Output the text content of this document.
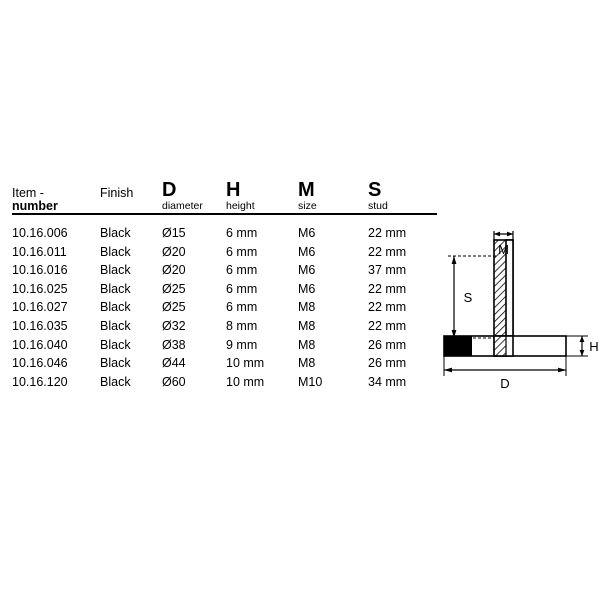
Item -	Finish	D	H	M	S
number		diameter	height	size	stud

10.16.006	Black	Ø15	6 mm	M6	22 mm
10.16.011	Black	Ø20	6 mm	M6	22 mm
10.16.016	Black	Ø20	6 mm	M6	37 mm
10.16.025	Black	Ø25	6 mm	M6	22 mm
10.16.027	Black	Ø25	6 mm	M8	22 mm
10.16.035	Black	Ø32	8 mm	M8	22 mm
10.16.040	Black	Ø38	9 mm	M8	26 mm
10.16.046	Black	Ø44	10 mm	M8	26 mm
10.16.120	Black	Ø60	10 mm	M10	34 mm
M
S
H
D
